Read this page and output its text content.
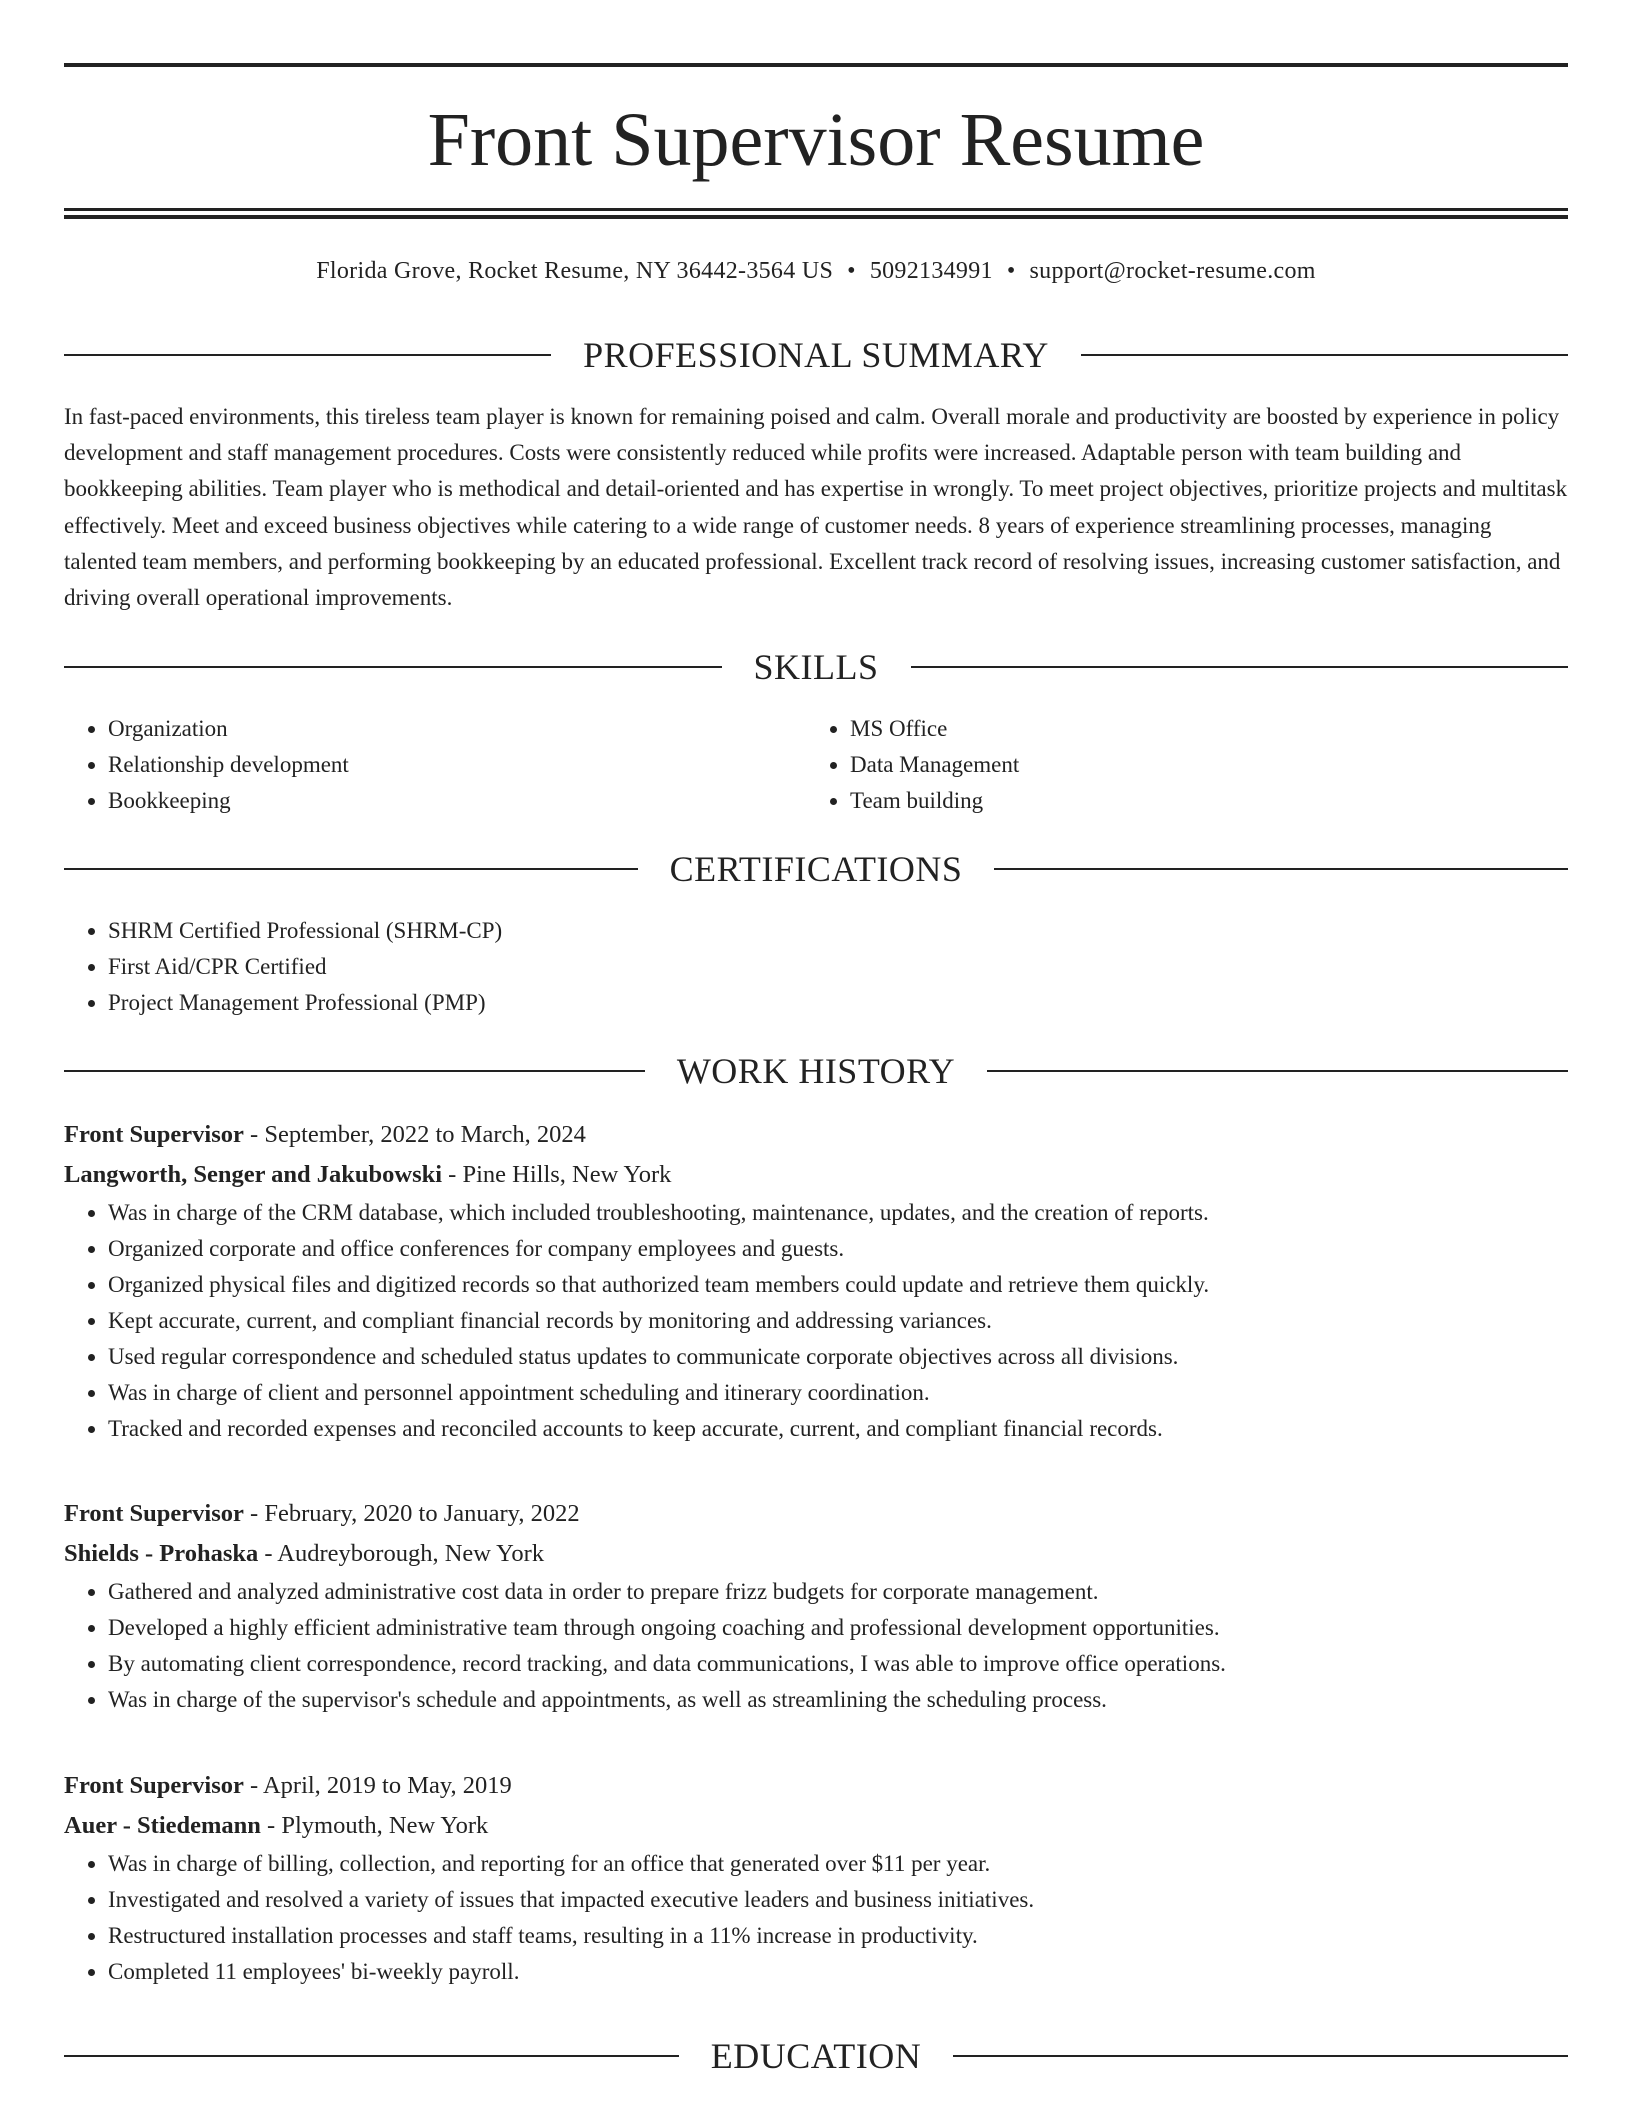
Front Supervisor Resume
Florida Grove, Rocket Resume, NY 36442-3564 US • 5092134991 • support@rocket-resume.com
PROFESSIONAL SUMMARY

In fast-paced environments, this tireless team player is known for remaining poised and calm. Overall morale and productivity are boosted by experience in policy development and staff management procedures. Costs were consistently reduced while profits were increased. Adaptable person with team building and bookkeeping abilities. Team player who is methodical and detail-oriented and has expertise in wrongly. To meet project objectives, prioritize projects and multitask effectively. Meet and exceed business objectives while catering to a wide range of customer needs. 8 years of experience streamlining processes, managing talented team members, and performing bookkeeping by an educated professional. Excellent track record of resolving issues, increasing customer satisfaction, and driving overall operational improvements.

SKILLS
• Organization
• Relationship development
• Bookkeeping
• MS Office
• Data Management
• Team building
CERTIFICATIONS
• SHRM Certified Professional (SHRM-CP)
• First Aid/CPR Certified
• Project Management Professional (PMP)
WORK HISTORY
Front Supervisor - September, 2022 to March, 2024
Langworth, Senger and Jakubowski - Pine Hills, New York
• Was in charge of the CRM database, which included troubleshooting, maintenance, updates, and the creation of reports.
• Organized corporate and office conferences for company employees and guests.
• Organized physical files and digitized records so that authorized team members could update and retrieve them quickly.
• Kept accurate, current, and compliant financial records by monitoring and addressing variances.
• Used regular correspondence and scheduled status updates to communicate corporate objectives across all divisions.
• Was in charge of client and personnel appointment scheduling and itinerary coordination.
• Tracked and recorded expenses and reconciled accounts to keep accurate, current, and compliant financial records.
Front Supervisor - February, 2020 to January, 2022
Shields - Prohaska - Audreyborough, New York
• Gathered and analyzed administrative cost data in order to prepare frizz budgets for corporate management.
• Developed a highly efficient administrative team through ongoing coaching and professional development opportunities.
• By automating client correspondence, record tracking, and data communications, I was able to improve office operations.
• Was in charge of the supervisor's schedule and appointments, as well as streamlining the scheduling process.
Front Supervisor - April, 2019 to May, 2019
Auer - Stiedemann - Plymouth, New York
• Was in charge of billing, collection, and reporting for an office that generated over $11 per year.
• Investigated and resolved a variety of issues that impacted executive leaders and business initiatives.
• Restructured installation processes and staff teams, resulting in a 11% increase in productivity.
• Completed 11 employees' bi-weekly payroll.
EDUCATION
